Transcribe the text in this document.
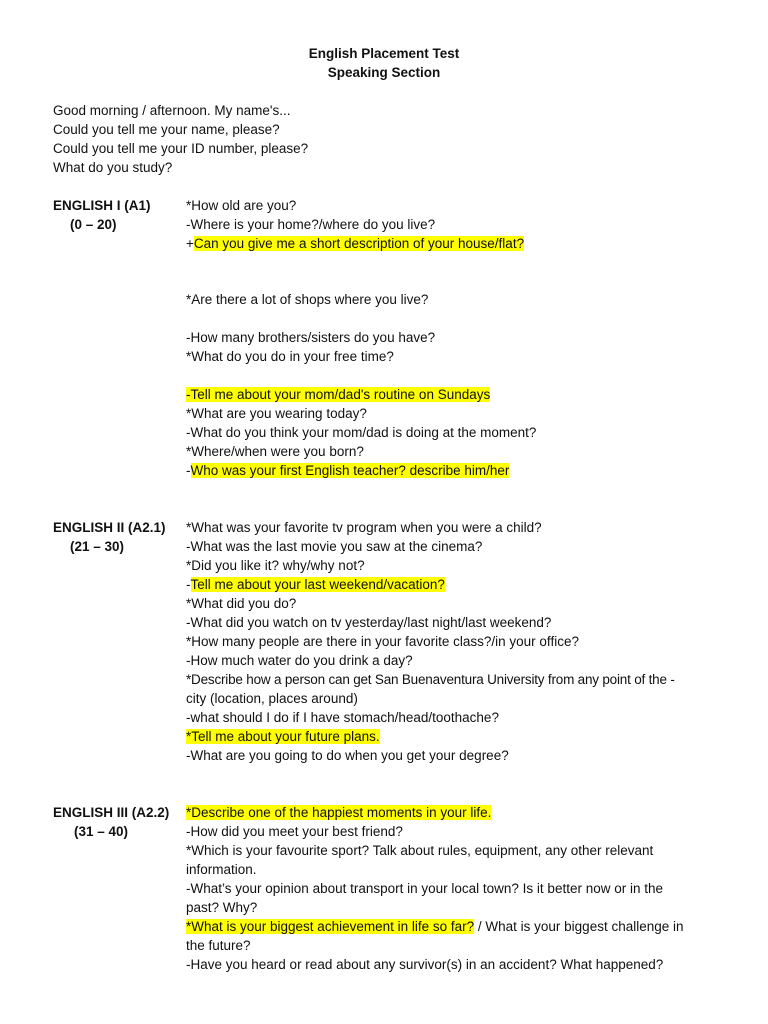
English Placement Test
Speaking Section
Good morning / afternoon. My name's...
Could you tell me your name, please?
Could you tell me your ID number, please?
What do you study?
ENGLISH I (A1)
(0 – 20)
*How old are you?
-Where is your home?/where do you live?
+Can you give me a short description of your house/flat?
*Are there a lot of shops where you live?
-How many brothers/sisters do you have?
*What do you do in your free time?
-Tell me about your mom/dad's routine on Sundays
*What are you wearing today?
-What do you think your mom/dad is doing at the moment?
*Where/when were you born?
-Who was your first English teacher? describe him/her
ENGLISH II (A2.1)
(21 – 30)
*What was your favorite tv program when you were a child?
-What was the last movie you saw at the cinema?
*Did you like it? why/why not?
-Tell me about your last weekend/vacation?
*What did you do?
-What did you watch on tv yesterday/last night/last weekend?
*How many people are there in your favorite class?/in your office?
-How much water do you drink a day?
*Describe how a person can get San Buenaventura University from any point of the -
city (location, places around)
-what should I do if I have stomach/head/toothache?
*Tell me about your future plans.
-What are you going to do when you get your degree?
ENGLISH III (A2.2)
(31 – 40)
*Describe one of the happiest moments in your life.
-How did you meet your best friend?
*Which is your favourite sport? Talk about rules, equipment, any other relevant
information.
-What’s your opinion about transport in your local town? Is it better now or in the
past? Why?
*What is your biggest achievement in life so far? / What is your biggest challenge in
the future?
-Have you heard or read about any survivor(s) in an accident? What happened?
